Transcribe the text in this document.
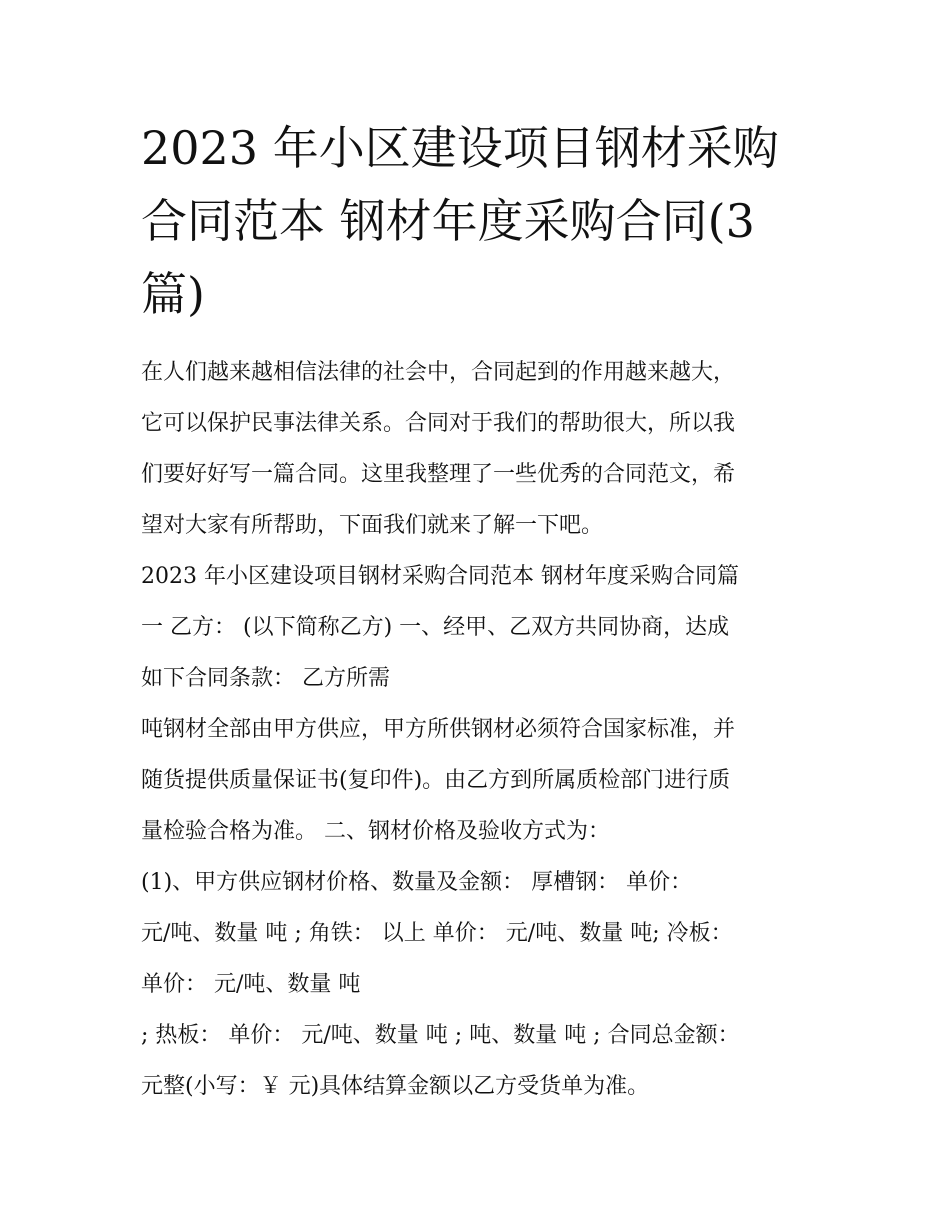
2023 年小区建设项目钢材采购
合同范本 钢材年度采购合同(3
篇)
在人们越来越相信法律的社会中，合同起到的作用越来越大，
它可以保护民事法律关系。合同对于我们的帮助很大，所以我
们要好好写一篇合同。这里我整理了一些优秀的合同范文，希
望对大家有所帮助，下面我们就来了解一下吧。
2023 年小区建设项目钢材采购合同范本 钢材年度采购合同篇
一 乙方： (以下简称乙方) 一、经甲、乙双方共同协商，达成
如下合同条款： 乙方所需
吨钢材全部由甲方供应，甲方所供钢材必须符合国家标准，并
随货提供质量保证书(复印件)。由乙方到所属质检部门进行质
量检验合格为准。 二、钢材价格及验收方式为：
(1)、甲方供应钢材价格、数量及金额： 厚槽钢： 单价：
元/吨、数量 吨 ; 角铁： 以上 单价： 元/吨、数量 吨; 冷板：
单价： 元/吨、数量 吨
; 热板： 单价： 元/吨、数量 吨 ; 吨、数量 吨 ; 合同总金额：
元整(小写：￥ 元)具体结算金额以乙方受货单为准。
